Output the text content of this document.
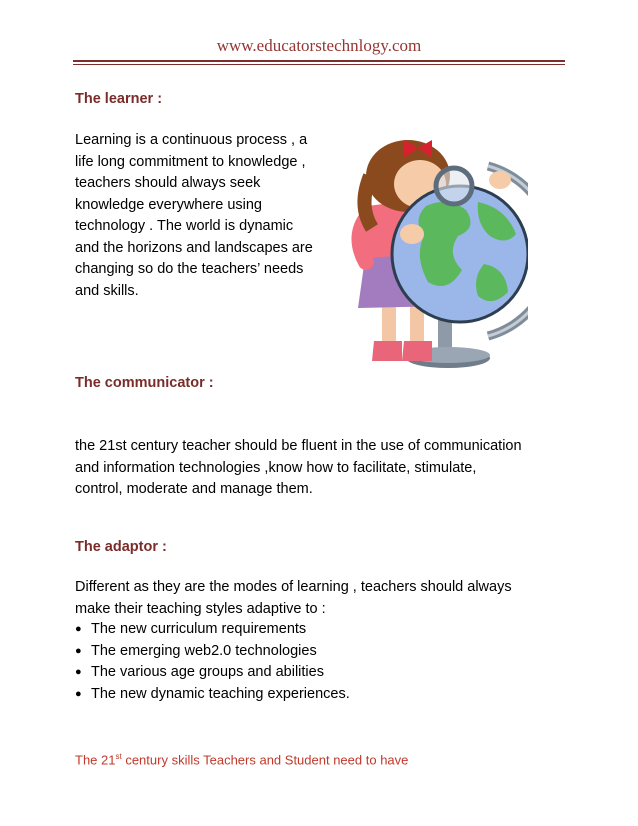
www.educatorstechnlogy.com
The learner :
Learning is a continuous process , a
life long commitment to knowledge ,
teachers should always seek
knowledge everywhere using
technology . The world is dynamic
and the horizons and landscapes are
changing so do the teachers’ needs
and skills.
The communicator :
the 21st century teacher should be fluent in the use of communication
and information technologies ,know how to facilitate, stimulate,
control, moderate and manage them.
The adaptor :
Different as they are the modes of learning , teachers should always
make their teaching styles adaptive to :
● The new curriculum requirements
● The emerging web2.0 technologies
● The various age groups and abilities
● The new dynamic teaching experiences.
The 21st century skills Teachers and Student need to have
